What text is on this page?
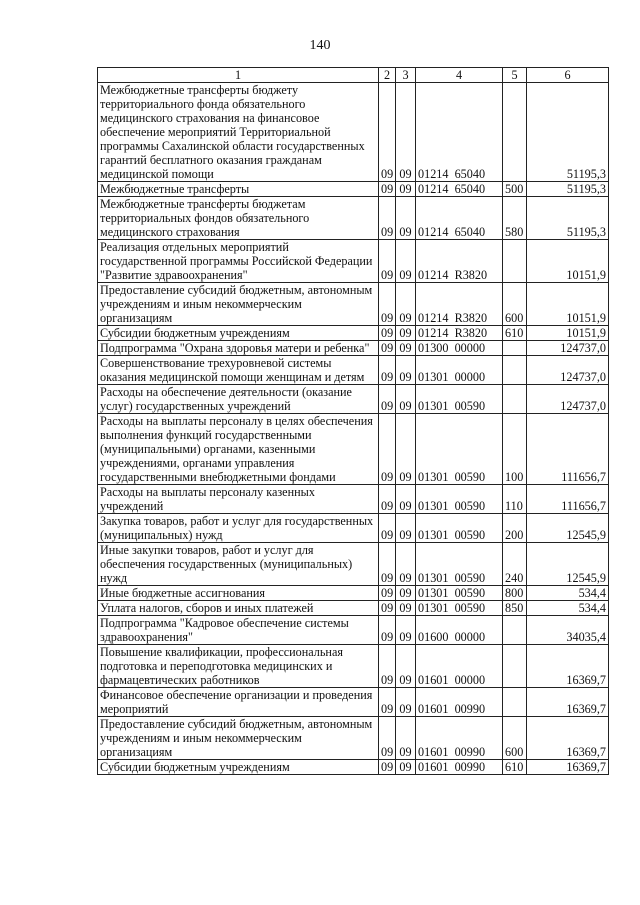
140
1	2	3	4	5	6
Межбюджетные трансферты бюджету территориального фонда обязательного медицинского страхования на финансовое обеспечение мероприятий Территориальной программы Сахалинской области государственных гарантий бесплатного оказания гражданам медицинской помощи	09	09	01214  65040		51195,3
Межбюджетные трансферты	09	09	01214  65040	500	51195,3
Межбюджетные трансферты бюджетам территориальных фондов обязательного медицинского страхования	09	09	01214  65040	580	51195,3
Реализация отдельных мероприятий государственной программы Российской Федерации "Развитие здравоохранения"	09	09	01214  R3820		10151,9
Предоставление субсидий бюджетным, автономным учреждениям и иным некоммерческим организациям	09	09	01214  R3820	600	10151,9
Субсидии бюджетным учреждениям	09	09	01214  R3820	610	10151,9
Подпрограмма "Охрана здоровья матери и ребенка"	09	09	01300  00000		124737,0
Совершенствование трехуровневой системы оказания медицинской помощи женщинам и детям	09	09	01301  00000		124737,0
Расходы на обеспечение деятельности (оказание услуг) государственных учреждений	09	09	01301  00590		124737,0
Расходы на выплаты персоналу в целях обеспечения выполнения функций государственными (муниципальными) органами, казенными учреждениями, органами управления государственными внебюджетными фондами	09	09	01301  00590	100	111656,7
Расходы на выплаты персоналу казенных учреждений	09	09	01301  00590	110	111656,7
Закупка товаров, работ и услуг для государственных (муниципальных) нужд	09	09	01301  00590	200	12545,9
Иные закупки товаров, работ и услуг для обеспечения государственных (муниципальных) нужд	09	09	01301  00590	240	12545,9
Иные бюджетные ассигнования	09	09	01301  00590	800	534,4
Уплата налогов, сборов и иных платежей	09	09	01301  00590	850	534,4
Подпрограмма "Кадровое обеспечение системы здравоохранения"	09	09	01600  00000		34035,4
Повышение квалификации, профессиональная подготовка и переподготовка медицинских и фармацевтических работников	09	09	01601  00000		16369,7
Финансовое обеспечение организации и проведения мероприятий	09	09	01601  00990		16369,7
Предоставление субсидий бюджетным, автономным учреждениям и иным некоммерческим организациям	09	09	01601  00990	600	16369,7
Субсидии бюджетным учреждениям	09	09	01601  00990	610	16369,7
